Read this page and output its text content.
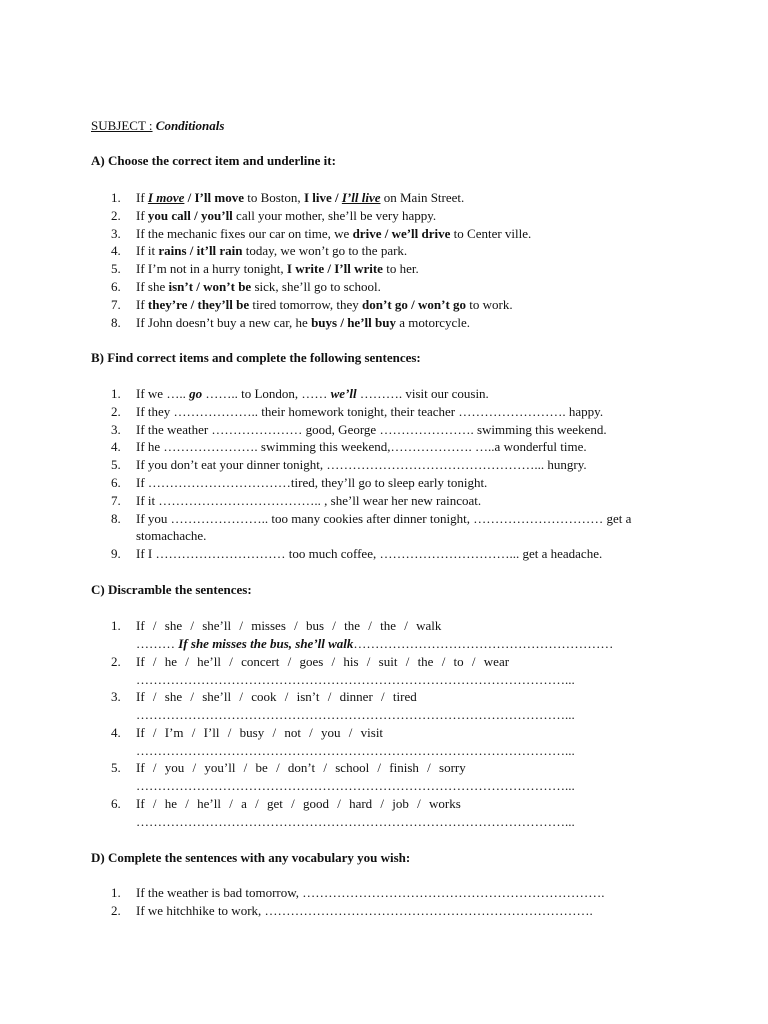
SUBJECT : Conditionals
A) Choose the correct item and underline it:
1. If I move / I’ll move to Boston, I live / I’ll live on Main Street.
2. If you call / you’ll call your mother, she’ll be very happy.
3. If the mechanic fixes our car on time, we drive / we’ll drive to Center ville.
4. If it rains / it’ll rain today, we won’t go to the park.
5. If I’m not in a hurry tonight, I write / I’ll write to her.
6. If she isn’t / won’t be sick, she’ll go to school.
7. If they’re / they’ll be tired tomorrow, they don’t go / won’t go to work.
8. If John doesn’t buy a new car, he buys / he’ll buy a motorcycle.
B) Find correct items and complete the following sentences:
1. If we ….. go …….. to London, …… we’ll ………. visit our cousin.
2. If they ……………….. their homework tonight, their teacher ……………………. happy.
3. If the weather ………………… good, George …………………. swimming this weekend.
4. If he …………………. swimming this weekend,………………. …..a wonderful time.
5. If you don’t eat your dinner tonight, …………………………………………... hungry.
6. If ……………………………tired, they’ll go to sleep early tonight.
7. If it ……………………………….. , she’ll wear her new raincoat.
8. If you ………………….. too many cookies after dinner tonight, ………………………… get a stomachache.
9. If I ………………………… too much coffee, …………………………... get a headache.
C) Discramble the sentences:
1. If / she / she’ll / misses / bus / the / the / walk
……… If she misses the bus, she’ll walk……………………………………………………
2. If / he / he’ll / concert / goes / his / suit / the / to / wear
………………………………………………………………………………………...
3. If / she / she’ll / cook / isn’t / dinner / tired
………………………………………………………………………………………...
4. If / I’m / I’ll / busy / not / you / visit
………………………………………………………………………………………...
5. If / you / you’ll / be / don’t / school / finish / sorry
………………………………………………………………………………………...
6. If / he / he’ll / a / get / good / hard / job / works
………………………………………………………………………………………...
D) Complete the sentences with any vocabulary you wish:
1. If the weather is bad tomorrow, …………………………………………………………….
2. If we hitchhike to work, ………………………………………………………………….
